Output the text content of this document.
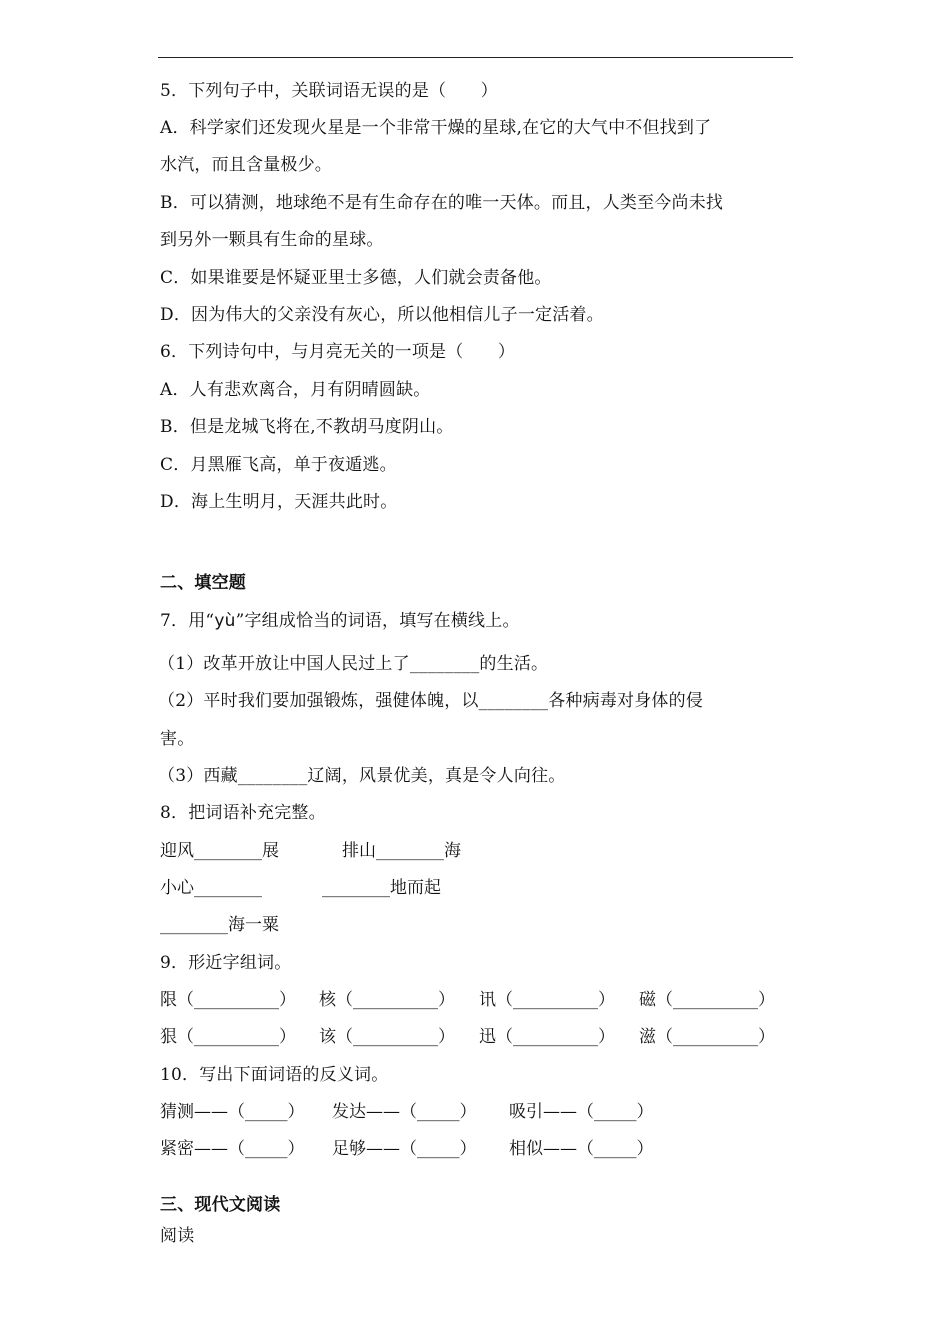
5．下列句子中，关联词语无误的是（　　）
A．科学家们还发现火星是一个非常干燥的星球,在它的大气中不但找到了
水汽，而且含量极少。
B．可以猜测，地球绝不是有生命存在的唯一天体。而且，人类至今尚未找
到另外一颗具有生命的星球。
C．如果谁要是怀疑亚里士多德，人们就会责备他。
D．因为伟大的父亲没有灰心，所以他相信儿子一定活着。
6．下列诗句中，与月亮无关的一项是（　　）
A．人有悲欢离合，月有阴晴圆缺。
B．但是龙城飞将在,不教胡马度阴山。
C．月黑雁飞高，单于夜遁逃。
D．海上生明月，天涯共此时。
二、填空题
7．用“yù”字组成恰当的词语，填写在横线上。
（1）改革开放让中国人民过上了________的生活。
（2）平时我们要加强锻炼，强健体魄，以________各种病毒对身体的侵
害。
（3）西藏________辽阔，风景优美，真是令人向往。
8．把词语补充完整。
迎风________展	排山________海
小心________	________地而起
________海一粟
9．形近字组词。
限（__________） 核（__________） 讯（__________） 磁（__________）
狠（__________） 该（__________） 迅（__________） 滋（__________）
10．写出下面词语的反义词。
猜测——（_____） 发达——（_____） 吸引——（_____）
紧密——（_____） 足够——（_____） 相似——（_____）
三、现代文阅读
阅读
